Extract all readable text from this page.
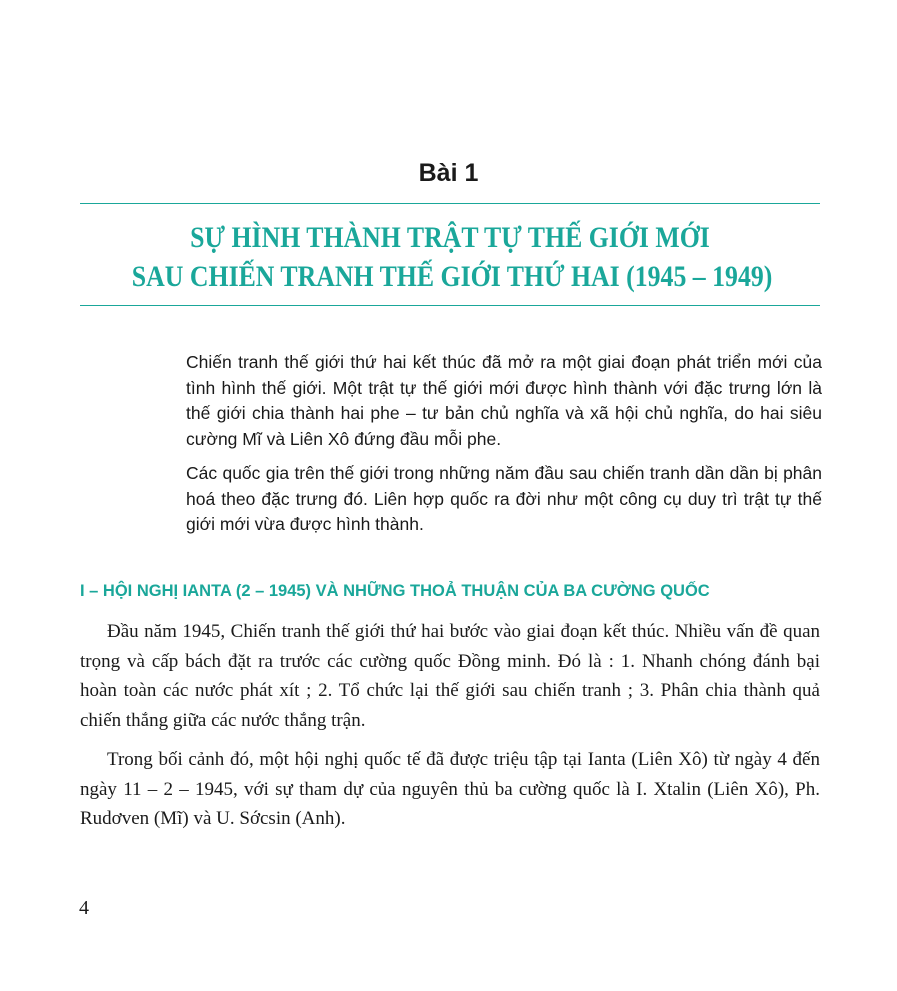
Bài 1
SỰ HÌNH THÀNH TRẬT TỰ THẾ GIỚI MỚI
SAU CHIẾN TRANH THẾ GIỚI THỨ HAI (1945 – 1949)

Chiến tranh thế giới thứ hai kết thúc đã mở ra một giai đoạn phát triển mới của tình hình thế giới. Một trật tự thế giới mới được hình thành với đặc trưng lớn là thế giới chia thành hai phe – tư bản chủ nghĩa và xã hội chủ nghĩa, do hai siêu cường Mĩ và Liên Xô đứng đầu mỗi phe.

Các quốc gia trên thế giới trong những năm đầu sau chiến tranh dần dần bị phân hoá theo đặc trưng đó. Liên hợp quốc ra đời như một công cụ duy trì trật tự thế giới mới vừa được hình thành.

I – HỘI NGHỊ IANTA (2 – 1945) VÀ NHỮNG THOẢ THUẬN CỦA BA CƯỜNG QUỐC

Đầu năm 1945, Chiến tranh thế giới thứ hai bước vào giai đoạn kết thúc. Nhiều vấn đề quan trọng và cấp bách đặt ra trước các cường quốc Đồng minh. Đó là : 1. Nhanh chóng đánh bại hoàn toàn các nước phát xít ; 2. Tổ chức lại thế giới sau chiến tranh ; 3. Phân chia thành quả chiến thắng giữa các nước thắng trận.

Trong bối cảnh đó, một hội nghị quốc tế đã được triệu tập tại Ianta (Liên Xô) từ ngày 4 đến ngày 11 – 2 – 1945, với sự tham dự của nguyên thủ ba cường quốc là I. Xtalin (Liên Xô), Ph. Rudơven (Mĩ) và U. Sớcsin (Anh).

4
